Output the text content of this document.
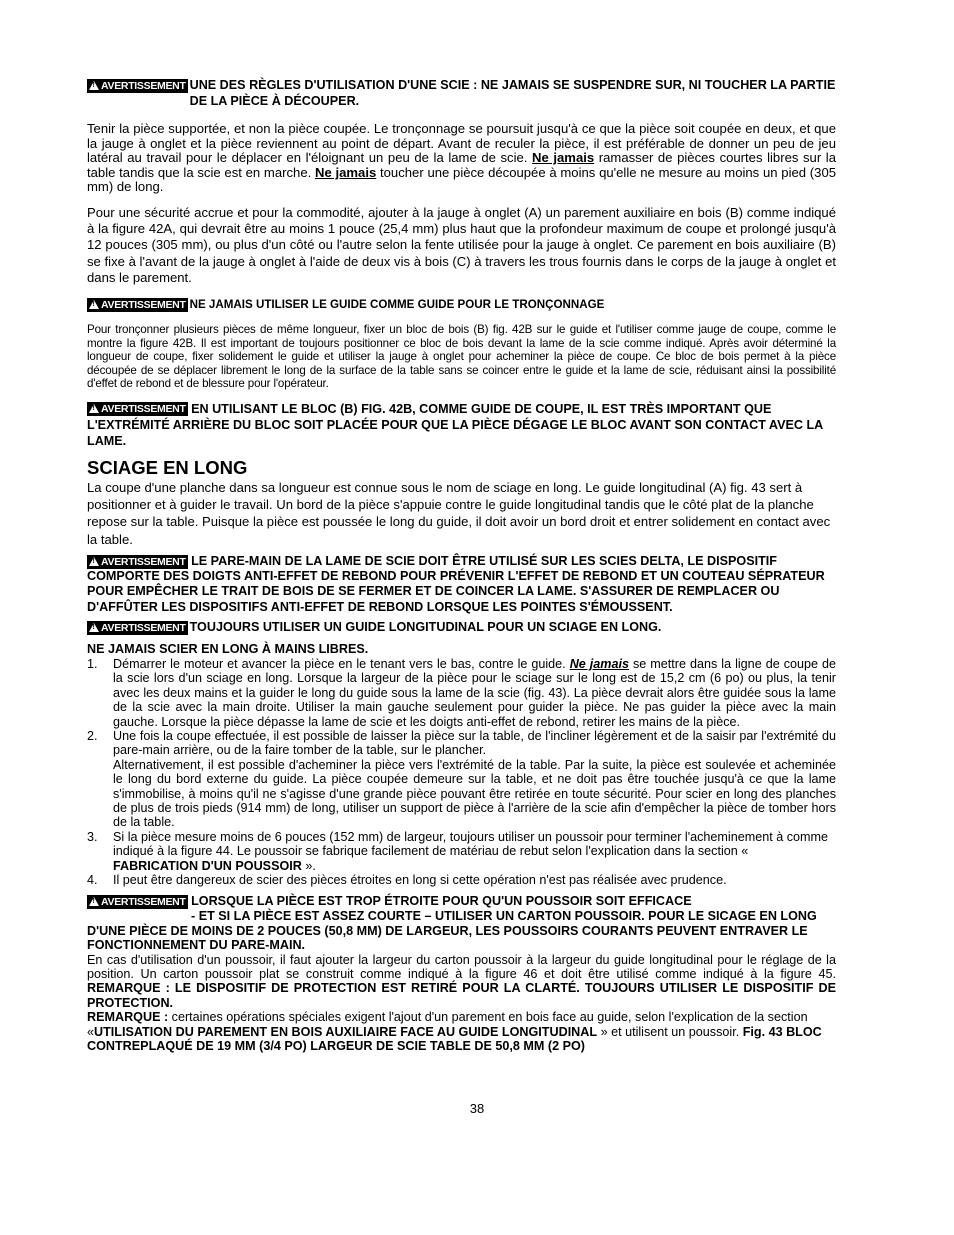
!AVERTISSEMENT UNE DES RÈGLES D'UTILISATION D'UNE SCIE : NE JAMAIS SE SUSPENDRE SUR, NI TOUCHER LA PARTIE DE LA PIÈCE À DÉCOUPER.

Tenir la pièce supportée, et non la pièce coupée. Le tronçonnage se poursuit jusqu'à ce que la pièce soit coupée en deux, et que la jauge à onglet et la pièce reviennent au point de départ. Avant de reculer la pièce, il est préférable de donner un peu de jeu latéral au travail pour le déplacer en l'éloignant un peu de la lame de scie. Ne jamais ramasser de pièces courtes libres sur la table tandis que la scie est en marche. Ne jamais toucher une pièce découpée à moins qu'elle ne mesure au moins un pied (305 mm) de long.

Pour une sécurité accrue et pour la commodité, ajouter à la jauge à onglet (A) un parement auxiliaire en bois (B) comme indiqué à la figure 42A, qui devrait être au moins 1 pouce (25,4 mm) plus haut que la profondeur maximum de coupe et prolongé jusqu'à 12 pouces (305 mm), ou plus d'un côté ou l'autre selon la fente utilisée pour la jauge à onglet. Ce parement en bois auxiliaire (B) se fixe à l'avant de la jauge à onglet à l'aide de deux vis à bois (C) à travers les trous fournis dans le corps de la jauge à onglet et dans le parement.

!AVERTISSEMENT NE JAMAIS UTILISER LE GUIDE COMME GUIDE POUR LE TRONÇONNAGE

Pour tronçonner plusieurs pièces de même longueur, fixer un bloc de bois (B) fig. 42B sur le guide et l'utiliser comme jauge de coupe, comme le montre la figure 42B. Il est important de toujours positionner ce bloc de bois devant la lame de la scie comme indiqué. Après avoir déterminé la longueur de coupe, fixer solidement le guide et utiliser la jauge à onglet pour acheminer la pièce de coupe. Ce bloc de bois permet à la pièce découpée de se déplacer librement le long de la surface de la table sans se coincer entre le guide et la lame de scie, réduisant ainsi la possibilité d'effet de rebond et de blessure pour l'opérateur.

!AVERTISSEMENT EN UTILISANT LE BLOC (B) FIG. 42B, COMME GUIDE DE COUPE, IL EST TRÈS IMPORTANT QUE L'EXTRÉMITÉ ARRIÈRE DU BLOC SOIT PLACÉE POUR QUE LA PIÈCE DÉGAGE LE BLOC AVANT SON CONTACT AVEC LA LAME.
SCIAGE EN LONG

La coupe d'une planche dans sa longueur est connue sous le nom de sciage en long. Le guide longitudinal (A) fig. 43 sert à positionner et à guider le travail. Un bord de la pièce s'appuie contre le guide longitudinal tandis que le côté plat de la planche repose sur la table. Puisque la pièce est poussée le long du guide, il doit avoir un bord droit et entrer solidement en contact avec la table.

!AVERTISSEMENT LE PARE-MAIN DE LA LAME DE SCIE DOIT ÊTRE UTILISÉ SUR LES SCIES DELTA, LE DISPOSITIF COMPORTE DES DOIGTS ANTI-EFFET DE REBOND POUR PRÉVENIR L'EFFET DE REBOND ET UN COUTEAU SÉPRATEUR POUR EMPÊCHER LE TRAIT DE BOIS DE SE FERMER ET DE COINCER LA LAME. S'ASSURER DE REMPLACER OU D'AFFÛTER LES DISPOSITIFS ANTI-EFFET DE REBOND LORSQUE LES POINTES S'ÉMOUSSENT.
!AVERTISSEMENT TOUJOURS UTILISER UN GUIDE LONGITUDINAL POUR UN SCIAGE EN LONG.

NE JAMAIS SCIER EN LONG À MAINS LIBRES.

1.	Démarrer le moteur et avancer la pièce en le tenant vers le bas, contre le guide. Ne jamais se mettre dans la ligne de coupe de la scie lors d'un sciage en long. Lorsque la largeur de la pièce pour le sciage sur le long est de 15,2 cm (6 po) ou plus, la tenir avec les deux mains et la guider le long du guide sous la lame de la scie (fig. 43). La pièce devrait alors être guidée sous la lame de la scie avec la main droite. Utiliser la main gauche seulement pour guider la pièce. Ne pas guider la pièce avec la main gauche. Lorsque la pièce dépasse la lame de scie et les doigts anti-effet de rebond, retirer les mains de la pièce.
2.	Une fois la coupe effectuée, il est possible de laisser la pièce sur la table, de l'incliner légèrement et de la saisir par l'extrémité du pare-main arrière, ou de la faire tomber de la table, sur le plancher.
Alternativement, il est possible d'acheminer la pièce vers l'extrémité de la table. Par la suite, la pièce est soulevée et acheminée le long du bord externe du guide. La pièce coupée demeure sur la table, et ne doit pas être touchée jusqu'à ce que la lame s'immobilise, à moins qu'il ne s'agisse d'une grande pièce pouvant être retirée en toute sécurité. Pour scier en long des planches de plus de trois pieds (914 mm) de long, utiliser un support de pièce à l'arrière de la scie afin d'empêcher la pièce de tomber hors de la table.
3.	Si la pièce mesure moins de 6 pouces (152 mm) de largeur, toujours utiliser un poussoir pour terminer l'acheminement à comme indiqué à la figure 44. Le poussoir se fabrique facilement de matériau de rebut selon l'explication dans la section « FABRICATION D'UN POUSSOIR ».
4.	Il peut être dangereux de scier des pièces étroites en long si cette opération n'est pas réalisée avec prudence.
!AVERTISSEMENT LORSQUE LA PIÈCE EST TROP ÉTROITE POUR QU'UN POUSSOIR SOIT EFFICACE
- ET SI LA PIÈCE EST ASSEZ COURTE – UTILISER UN CARTON POUSSOIR. POUR LE SICAGE EN LONG D'UNE PIÈCE DE MOINS DE 2 POUCES (50,8 MM) DE LARGEUR, LES POUSSOIRS COURANTS PEUVENT ENTRAVER LE FONCTIONNEMENT DU PARE-MAIN.

En cas d'utilisation d'un poussoir, il faut ajouter la largeur du carton poussoir à la largeur du guide longitudinal pour le réglage de la position. Un carton poussoir plat se construit comme indiqué à la figure 46 et doit être utilisé comme indiqué à la figure 45. REMARQUE : LE DISPOSITIF DE PROTECTION EST RETIRÉ POUR LA CLARTÉ. TOUJOURS UTILISER LE DISPOSITIF DE PROTECTION.

REMARQUE : certaines opérations spéciales exigent l'ajout d'un parement en bois face au guide, selon l'explication de la section «UTILISATION DU PAREMENT EN BOIS AUXILIAIRE FACE AU GUIDE LONGITUDINAL » et utilisent un poussoir. Fig. 43 BLOC CONTREPLAQUÉ DE 19 MM (3/4 PO) LARGEUR DE SCIE TABLE DE 50,8 MM (2 PO)

38
